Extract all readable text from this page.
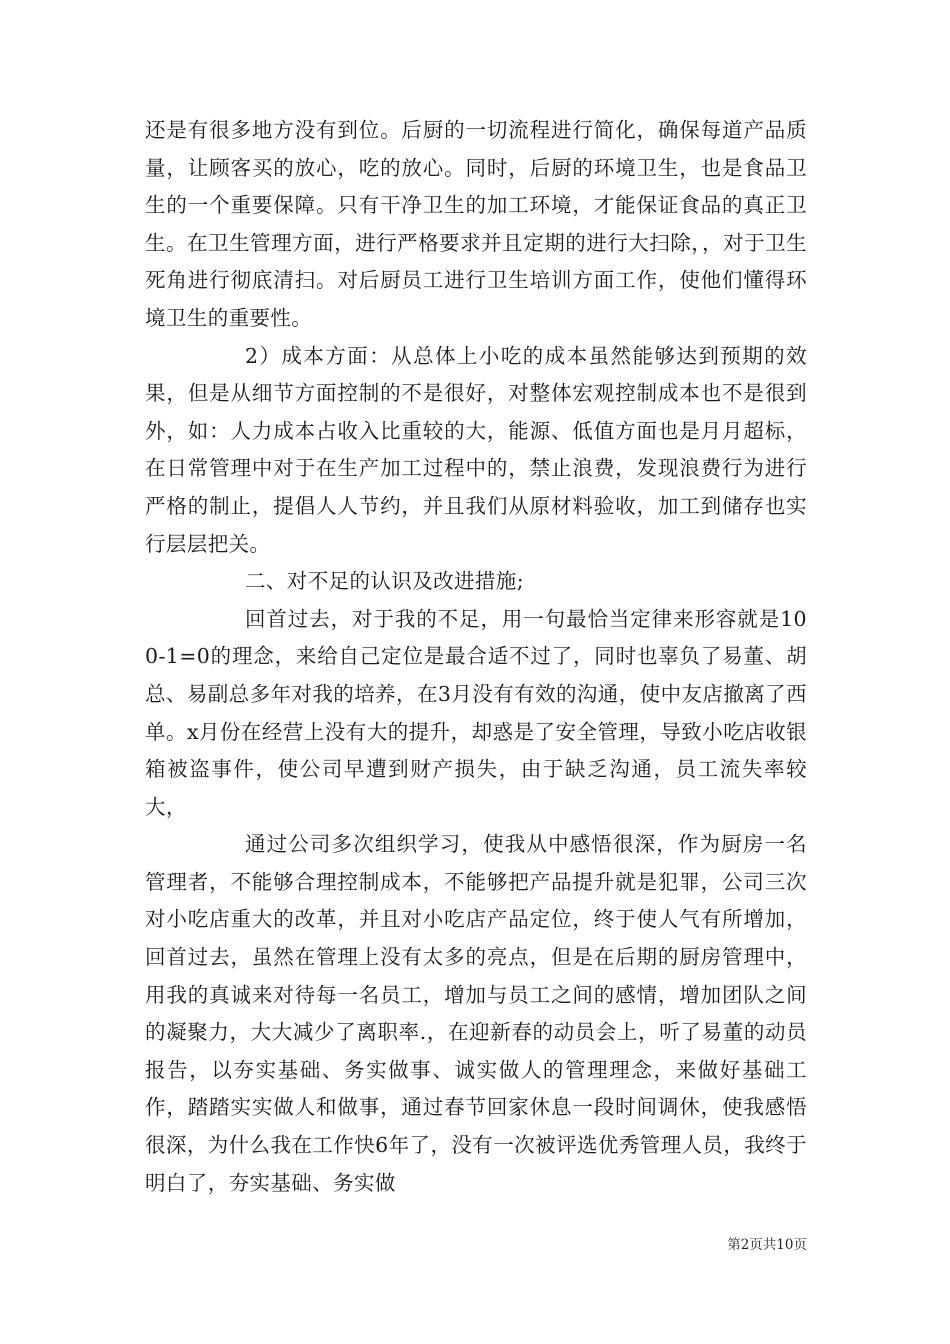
还是有很多地方没有到位。后厨的一切流程进行简化，确保每道产品质量，让顾客买的放心，吃的放心。同时，后厨的环境卫生，也是食品卫生的一个重要保障。只有干净卫生的加工环境，才能保证食品的真正卫生。在卫生管理方面，进行严格要求并且定期的进行大扫除，，对于卫生死角进行彻底清扫。对后厨员工进行卫生培训方面工作，使他们懂得环境卫生的重要性。

2）成本方面：从总体上小吃的成本虽然能够达到预期的效果，但是从细节方面控制的不是很好，对整体宏观控制成本也不是很到外，如：人力成本占收入比重较的大，能源、低值方面也是月月超标，在日常管理中对于在生产加工过程中的，禁止浪费，发现浪费行为进行严格的制止，提倡人人节约，并且我们从原材料验收，加工到储存也实行层层把关。

二、对不足的认识及改进措施;

回首过去，对于我的不足，用一句最恰当定律来形容就是100-1=0的理念，来给自己定位是最合适不过了，同时也辜负了易董、胡总、易副总多年对我的培养，在3月没有有效的沟通，使中友店撤离了西单。x月份在经营上没有大的提升，却惑是了安全管理，导致小吃店收银箱被盗事件，使公司早遭到财产损失，由于缺乏沟通，员工流失率较大，

通过公司多次组织学习，使我从中感悟很深，作为厨房一名管理者，不能够合理控制成本，不能够把产品提升就是犯罪，公司三次对小吃店重大的改革，并且对小吃店产品定位，终于使人气有所增加，回首过去，虽然在管理上没有太多的亮点，但是在后期的厨房管理中，用我的真诚来对待每一名员工，增加与员工之间的感情，增加团队之间的凝聚力，大大减少了离职率.，在迎新春的动员会上，听了易董的动员报告，以夯实基础、务实做事、诚实做人的管理理念，来做好基础工作，踏踏实实做人和做事，通过春节回家休息一段时间调休，使我感悟很深，为什么我在工作快6年了，没有一次被评选优秀管理人员，我终于明白了，夯实基础、务实做

第2页共10页
